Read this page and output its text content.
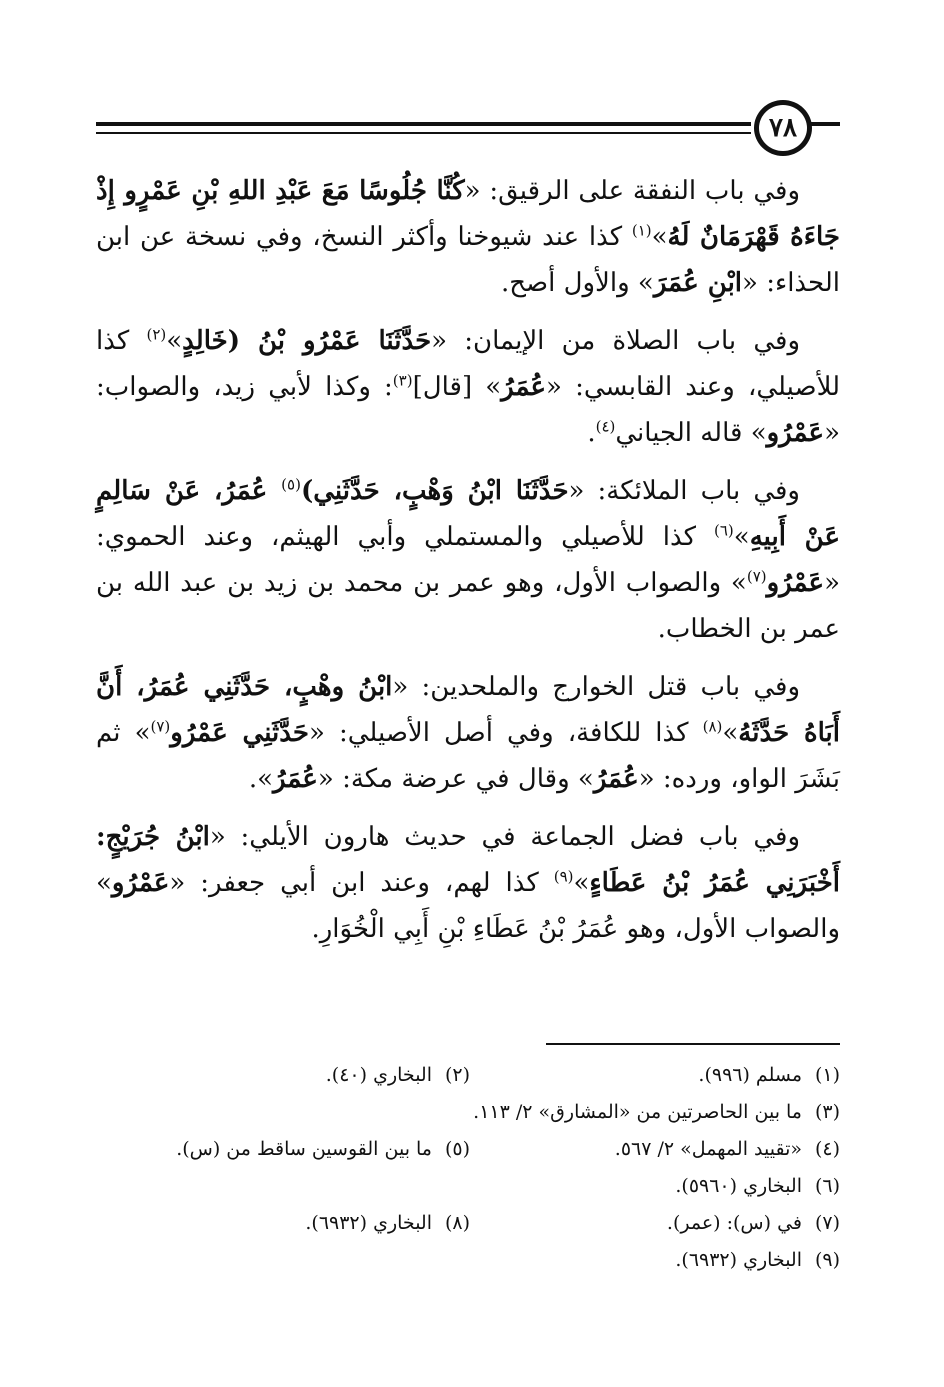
٧٨

وفي باب النفقة على الرقيق: «كُنَّا جُلُوسًا مَعَ عَبْدِ اللهِ بْنِ عَمْرٍو إِذْ جَاءَهُ قَهْرَمَانٌ لَهُ»$^{(١)}$ كذا عند شيوخنا وأكثر النسخ، وفي نسخة عن ابن الحذاء: «ابْنِ عُمَرَ» والأول أصح.

وفي باب الصلاة من الإيمان: «حَدَّثَنَا عَمْرُو بْنُ (خَالِدٍ»$^{(٢)}$ كذا للأصيلي، وعند القابسي: «عُمَرُ» [قال]$^{(٣)}$: وكذا لأبي زيد، والصواب: «عَمْرُو» قاله الجياني$^{(٤)}$.

وفي باب الملائكة: «حَدَّثَنَا ابْنُ وَهْبٍ، حَدَّثَنِي)$^{(٥)}$ عُمَرُ، عَنْ سَالِمٍ عَنْ أَبِيهِ»$^{(٦)}$ كذا للأصيلي والمستملي وأبي الهيثم، وعند الحموي: «عَمْرُو$^{(٧)}$» والصواب الأول، وهو عمر بن محمد بن زيد بن عبد الله بن عمر بن الخطاب.

وفي باب قتل الخوارج والملحدين: «ابْنُ وهْبٍ، حَدَّثَنِي عُمَرُ، أَنَّ أَبَاهُ حَدَّثَهُ»$^{(٨)}$ كذا للكافة، وفي أصل الأصيلي: «حَدَّثَنِي عَمْرُو$^{(٧)}$» ثم بَشَرَ الواو، ورده: «عُمَرُ» وقال في عرضة مكة: «عُمَرُ».

وفي باب فضل الجماعة في حديث هارون الأيلي: «ابْنُ جُرَيْجٍ: أَخْبَرَنِي عُمَرُ بْنُ عَطَاءٍ»$^{(٩)}$ كذا لهم، وعند ابن أبي جعفر: «عَمْرُو» والصواب الأول، وهو عُمَرُ بْنُ عَطَاءِ بْنِ أَبِي الْخُوَارِ.

(١)
مسلم (٩٩٦).
(٢)
البخاري (٤٠).
(٣)
ما بين الحاصرتين من «المشارق» ٢/ ١١٣.
(٤)
«تقييد المهمل» ٢/ ٥٦٧.
(٥)
ما بين القوسين ساقط من (س).
(٦)
البخاري (٥٩٦٠).
(٧)
في (س): (عمر).
(٨)
البخاري (٦٩٣٢).
(٩)
البخاري (٦٩٣٢).
